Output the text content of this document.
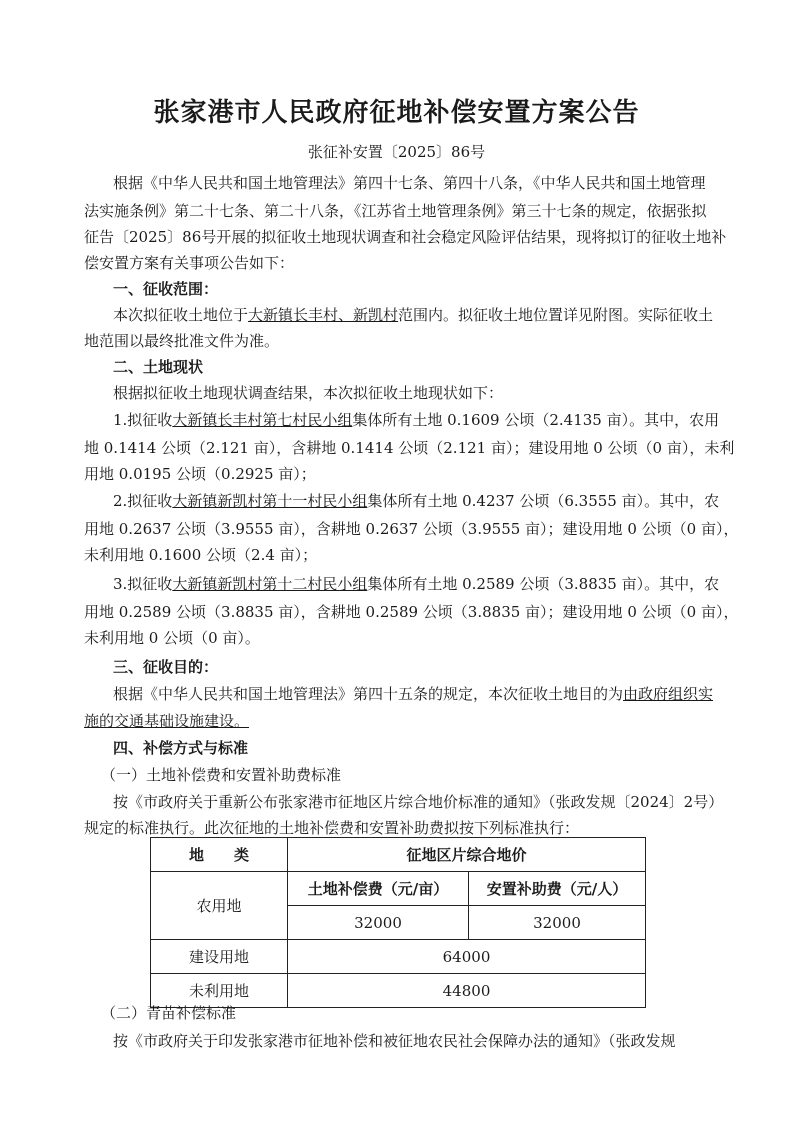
张家港市人民政府征地补偿安置方案公告
张征补安置〔2025〕86号
根据《中华人民共和国土地管理法》第四十七条、第四十八条，《中华人民共和国土地管理
法实施条例》第二十七条、第二十八条，《江苏省土地管理条例》第三十七条的规定，依据张拟
征告〔2025〕86号开展的拟征收土地现状调查和社会稳定风险评估结果，现将拟订的征收土地补
偿安置方案有关事项公告如下：
一、征收范围：
本次拟征收土地位于大新镇长丰村、新凯村范围内。拟征收土地位置详见附图。实际征收土
地范围以最终批准文件为准。
二、土地现状
根据拟征收土地现状调查结果，本次拟征收土地现状如下：
1.拟征收大新镇长丰村第七村民小组集体所有土地 0.1609 公顷（2.4135 亩）。其中，农用
地 0.1414 公顷（2.121 亩），含耕地 0.1414 公顷（2.121 亩）；建设用地 0 公顷（0 亩），未利
用地 0.0195 公顷（0.2925 亩）；
2.拟征收大新镇新凯村第十一村民小组集体所有土地 0.4237 公顷（6.3555 亩）。其中，农
用地 0.2637 公顷（3.9555 亩），含耕地 0.2637 公顷（3.9555 亩）；建设用地 0 公顷（0 亩），
未利用地 0.1600 公顷（2.4 亩）；
3.拟征收大新镇新凯村第十二村民小组集体所有土地 0.2589 公顷（3.8835 亩）。其中，农
用地 0.2589 公顷（3.8835 亩），含耕地 0.2589 公顷（3.8835 亩）；建设用地 0 公顷（0 亩），
未利用地 0 公顷（0 亩）。
三、征收目的：
根据《中华人民共和国土地管理法》第四十五条的规定，本次征收土地目的为由政府组织实
施的交通基础设施建设。
四、补偿方式与标准
（一）土地补偿费和安置补助费标准
按《市政府关于重新公布张家港市征地区片综合地价标准的通知》（张政发规〔2024〕2号）
规定的标准执行。此次征地的土地补偿费和安置补助费拟按下列标准执行：
地　　类	征地区片综合地价	
农用地	土地补偿费（元/亩）	安置补助费（元/人）
	32000	32000
建设用地	64000	
未利用地	44800	
（二）青苗补偿标准
按《市政府关于印发张家港市征地补偿和被征地农民社会保障办法的通知》（张政发规
